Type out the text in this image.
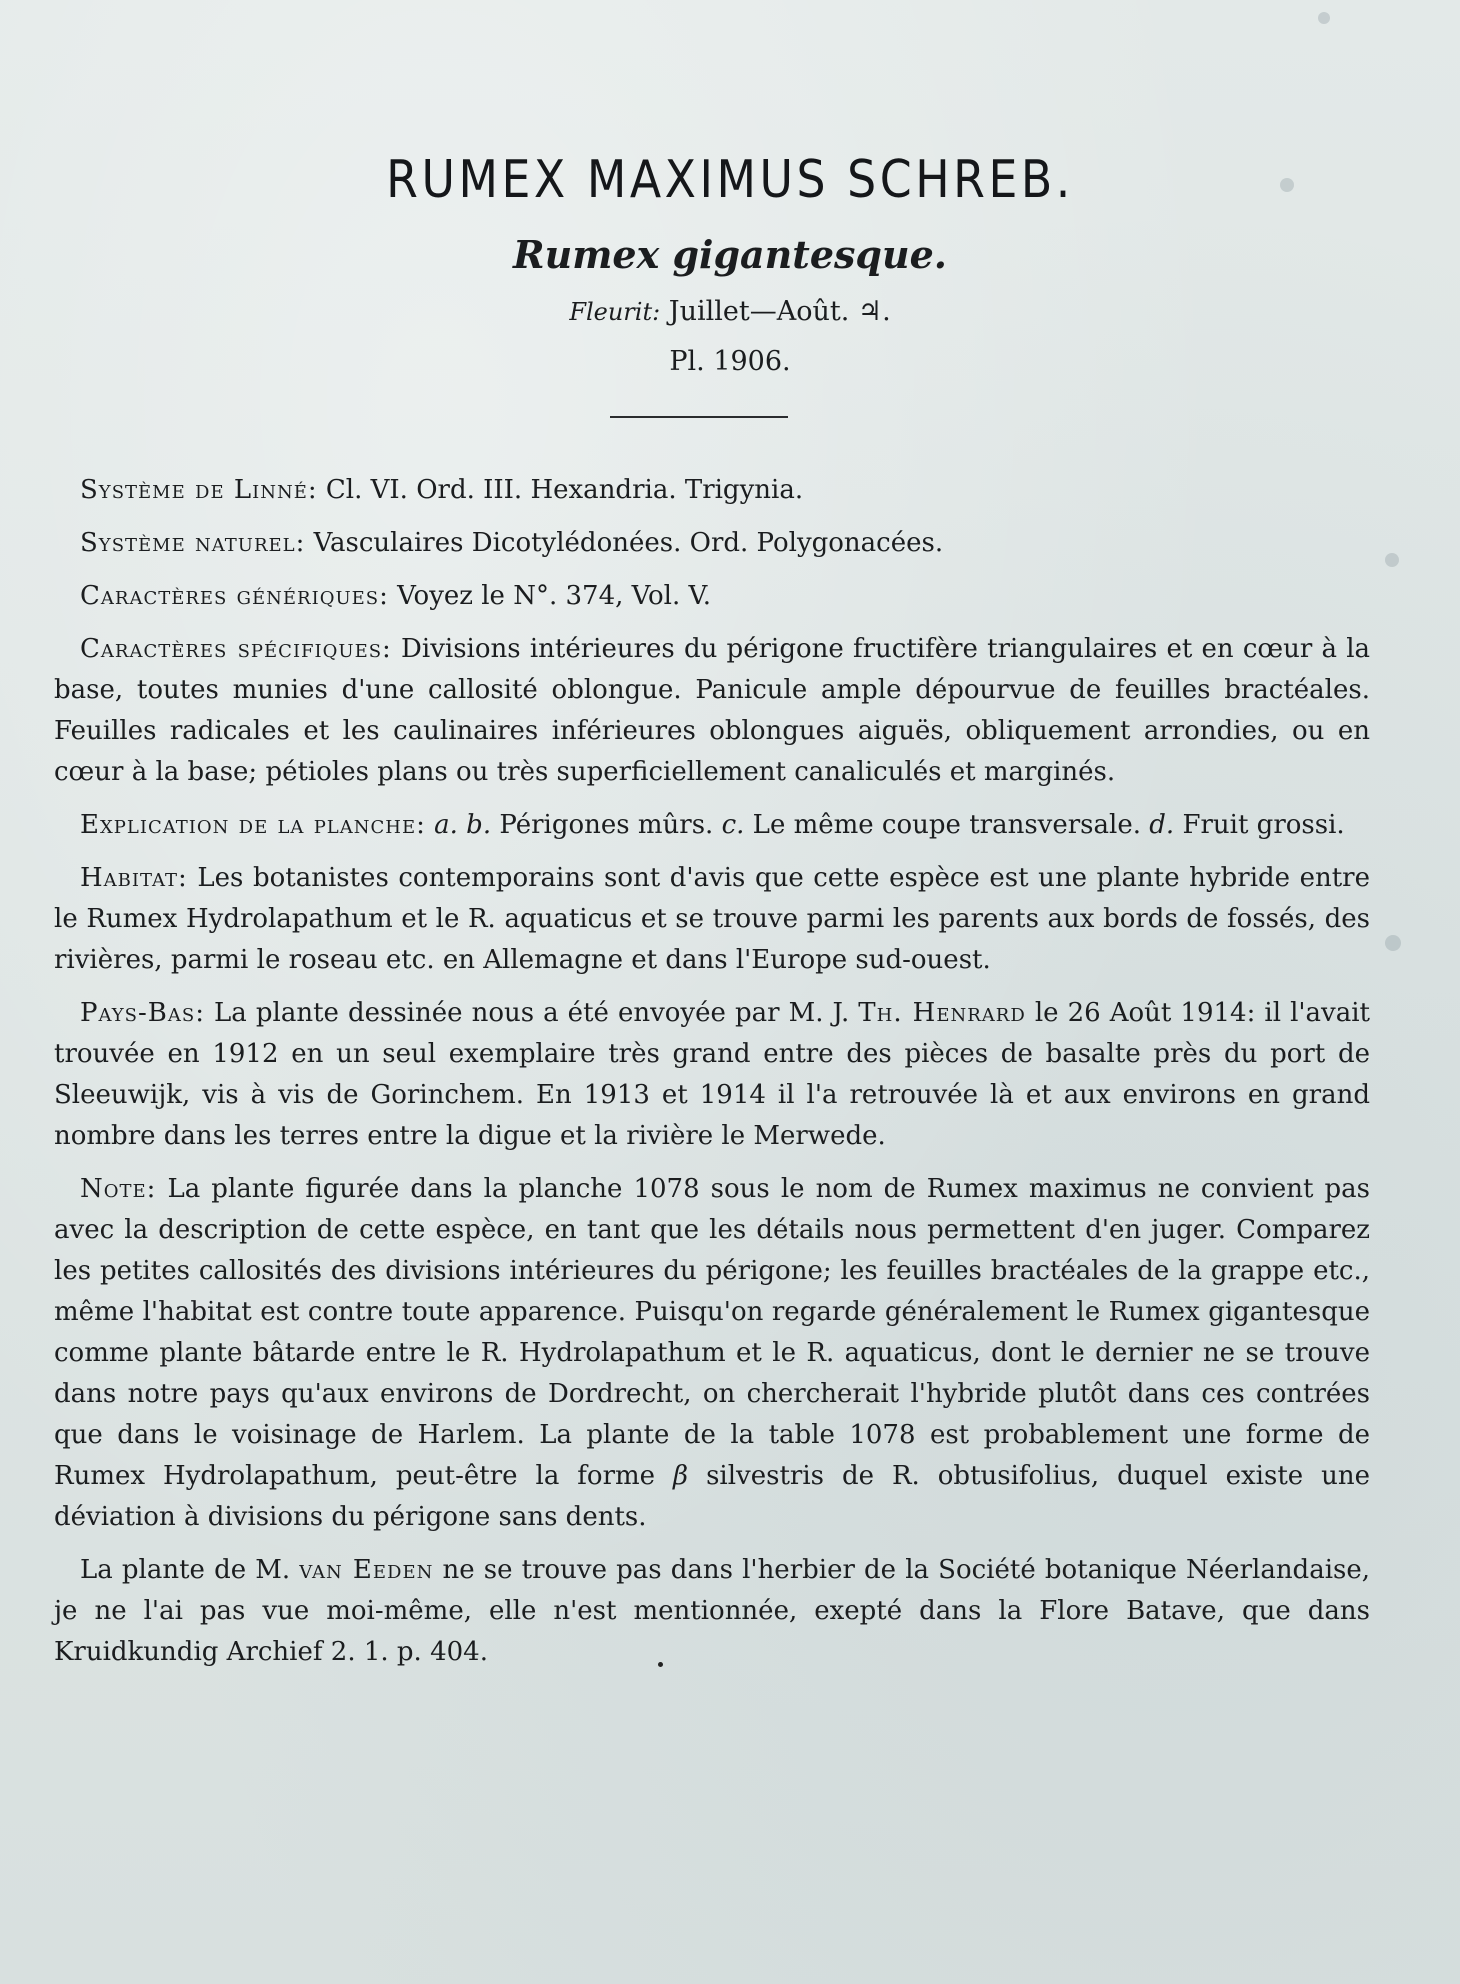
RUMEX MAXIMUS SCHREB.
Rumex gigantesque.
Fleurit: Juillet—Août. ♃.
Pl. 1906.

Système de Linné: Cl. VI. Ord. III. Hexandria. Trigynia.

Système naturel: Vasculaires Dicotylédonées. Ord. Polygonacées.

Caractères génériques: Voyez le N°. 374, Vol. V.

Caractères spécifiques: Divisions intérieures du périgone fructifère triangulaires et en cœur à la base, toutes munies d'une callosité oblongue. Panicule ample dépourvue de feuilles bractéales. Feuilles radicales et les caulinaires inférieures oblongues aiguës, obliquement arrondies, ou en cœur à la base; pétioles plans ou très superficiellement canaliculés et marginés.

Explication de la planche: a. b. Périgones mûrs. c. Le même coupe transversale. d. Fruit grossi.

Habitat: Les botanistes contemporains sont d'avis que cette espèce est une plante hybride entre le Rumex Hydrolapathum et le R. aquaticus et se trouve parmi les parents aux bords de fossés, des rivières, parmi le roseau etc. en Allemagne et dans l'Europe sud-ouest.

Pays-Bas: La plante dessinée nous a été envoyée par M. J. Th. Henrard le 26 Août 1914: il l'avait trouvée en 1912 en un seul exemplaire très grand entre des pièces de basalte près du port de Sleeuwijk, vis à vis de Gorinchem. En 1913 et 1914 il l'a retrouvée là et aux environs en grand nombre dans les terres entre la digue et la rivière le Merwede.

Note: La plante figurée dans la planche 1078 sous le nom de Rumex maximus ne convient pas avec la description de cette espèce, en tant que les détails nous permettent d'en juger. Comparez les petites callosités des divisions intérieures du périgone; les feuilles bractéales de la grappe etc., même l'habitat est contre toute apparence. Puisqu'on regarde généralement le Rumex gigantesque comme plante bâtarde entre le R. Hydrolapathum et le R. aquaticus, dont le dernier ne se trouve dans notre pays qu'aux environs de Dordrecht, on chercherait l'hybride plutôt dans ces contrées que dans le voisinage de Harlem. La plante de la table 1078 est probablement une forme de Rumex Hydrolapathum, peut-être la forme β silvestris de R. obtusifolius, duquel existe une déviation à divisions du périgone sans dents.

La plante de M. van Eeden ne se trouve pas dans l'herbier de la Société botanique Néerlandaise, je ne l'ai pas vue moi-même, elle n'est mentionnée, exepté dans la Flore Batave, que dans Kruidkundig Archief 2. 1. p. 404.
